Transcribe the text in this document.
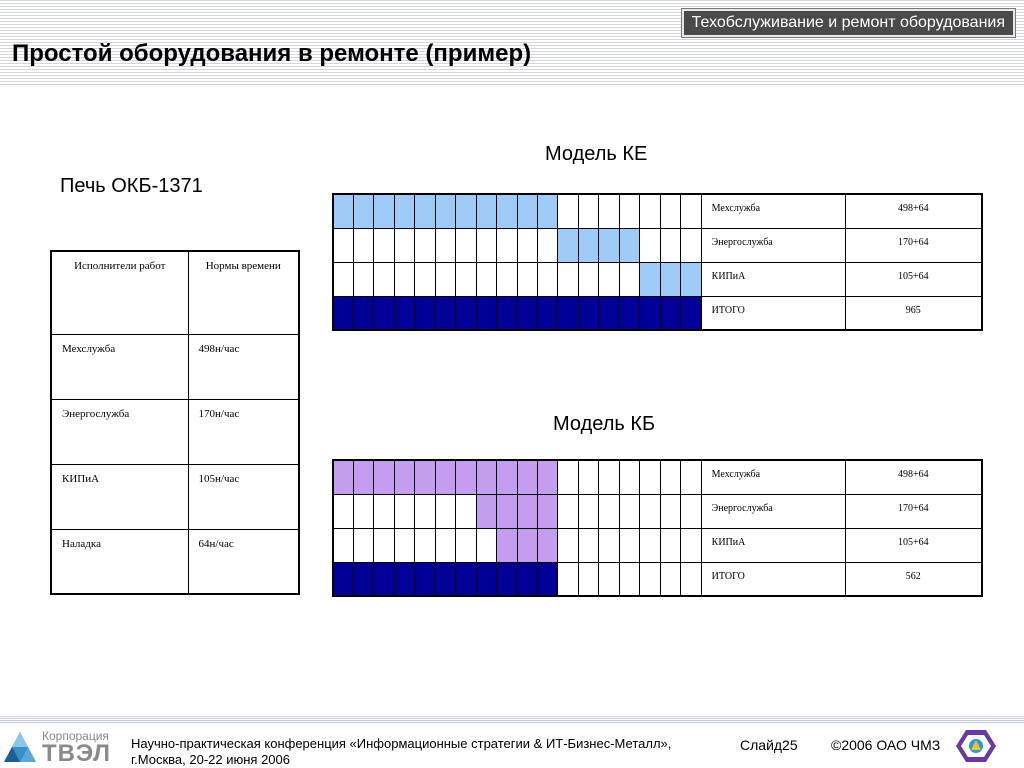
Техобслуживание и ремонт оборудования
Простой оборудования в ремонте (пример)
Печь ОКБ-1371
Исполнители работ	Нормы времени
Мехслужба	498н/час
Энергослужба	170н/час
КИПиА	105н/час
Наладка	64н/час
Модель КЕ
																		Мехслужба	498+64
																		Энергослужба	170+64
																		КИПиА	105+64
																		ИТОГО	965
Модель КБ
																		Мехслужба	498+64
																		Энергослужба	170+64
																		КИПиА	105+64
																		ИТОГО	562
Корпорация
ТВЭЛ Научно-практическая конференция «Информационные стратегии & ИТ-Бизнес-Металл»,
г.Москва, 20-22 июня 2006
Слайд25 ©2006 ОАО ЧМЗ
